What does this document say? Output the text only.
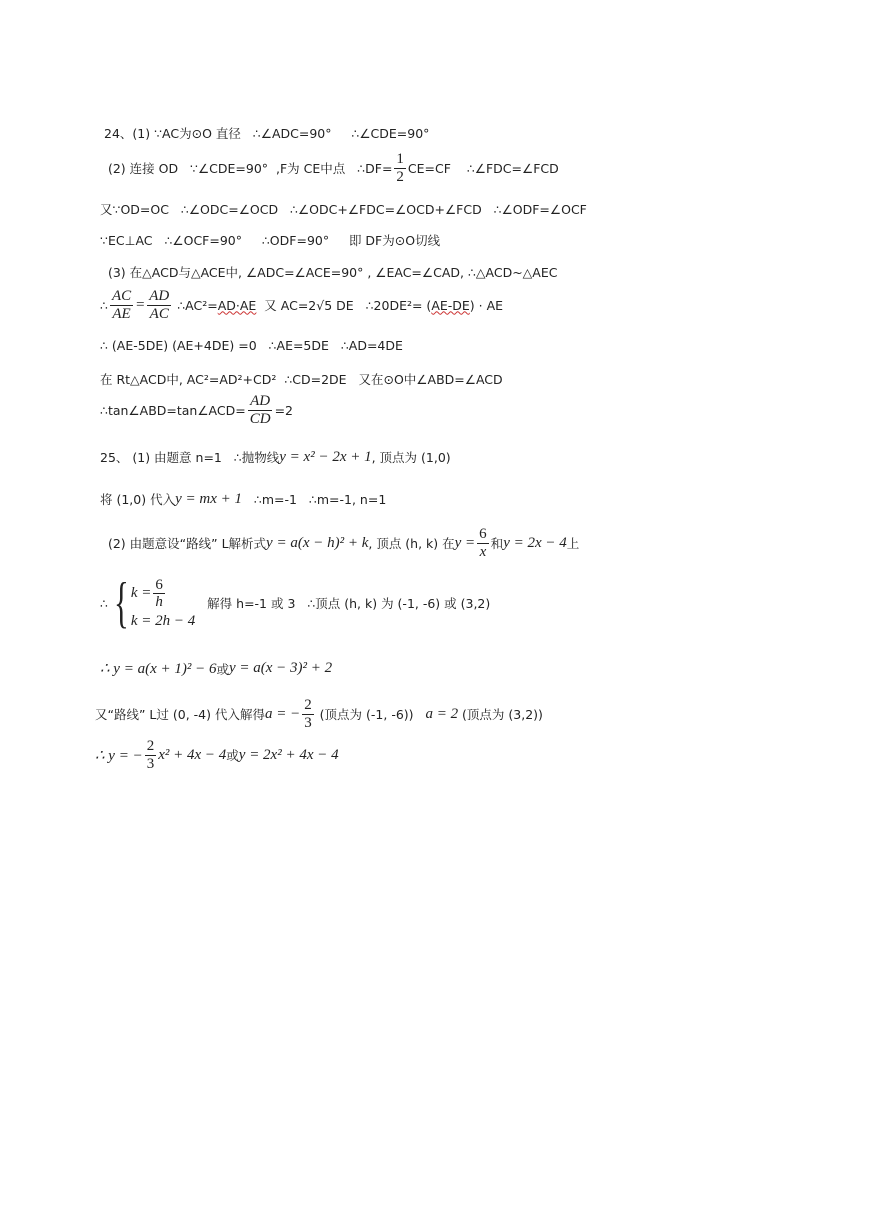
24、(1) ∵AC为⊙O 直径   ∴∠ADC=90°     ∴∠CDE=90°
(2) 连接 OD   ∵∠CDE=90°  ,F为 CE中点   ∴DF= $\frac{1}{2} CE=CF$    ∴∠FDC=∠FCD
又∵OD=OC   ∴∠ODC=∠OCD   ∴∠ODC+∠FDC=∠OCD+∠FCD   ∴∠ODF=∠OCF
∵EC⊥AC   ∴∠OCF=90°     ∴ODF=90°     即 DF为⊙O切线
(3) 在△ACD与△ACE中, ∠ADC=∠ACE=90° , ∠EAC=∠CAD, ∴△ACD~△AEC
∴ $\frac{AC}{AE} = \frac{AD}{AC}$ ∴AC²= AD·AE 又 AC=2√5 DE   ∴20DE²= ( AE-DE ) · AE
∴ (AE-5DE) (AE+4DE) =0   ∴AE=5DE   ∴AD=4DE
在 Rt△ACD中, AC²=AD²+CD²  ∴CD=2DE   又在⊙O中∠ABD=∠ACD
∴tan∠ABD=tan∠ACD= $\frac{AD}{CD} =2$
25、 (1) 由题意 n=1   ∴抛物线 y = x² − 2x + 1 , 顶点为 (1,0)
将 (1,0) 代入 y = mx + 1 ∴m=-1   ∴m=-1, n=1
(2) 由题意设“路线” L解析式 y = a(x − h)² + k , 顶点 (h, k) 在 $y = \frac{6}{x}$ 和 y = 2x − 4 上
∴ { $k = \frac{6}{h}$
k = 2h − 4
解得 h=-1 或 3   ∴顶点 (h, k) 为 (-1, -6) 或 (3,2)
∴ y = a(x + 1)² − 6 或 y = a(x − 3)² + 2
又“路线” L过 (0, -4) 代入解得 a = − $\frac{2}{3}$ (顶点为 (-1, -6)) a = 2 (顶点为 (3,2))
∴ y = − $\frac{2}{3} x^2 + 4x - 4$ 或 y = 2x² + 4x − 4
